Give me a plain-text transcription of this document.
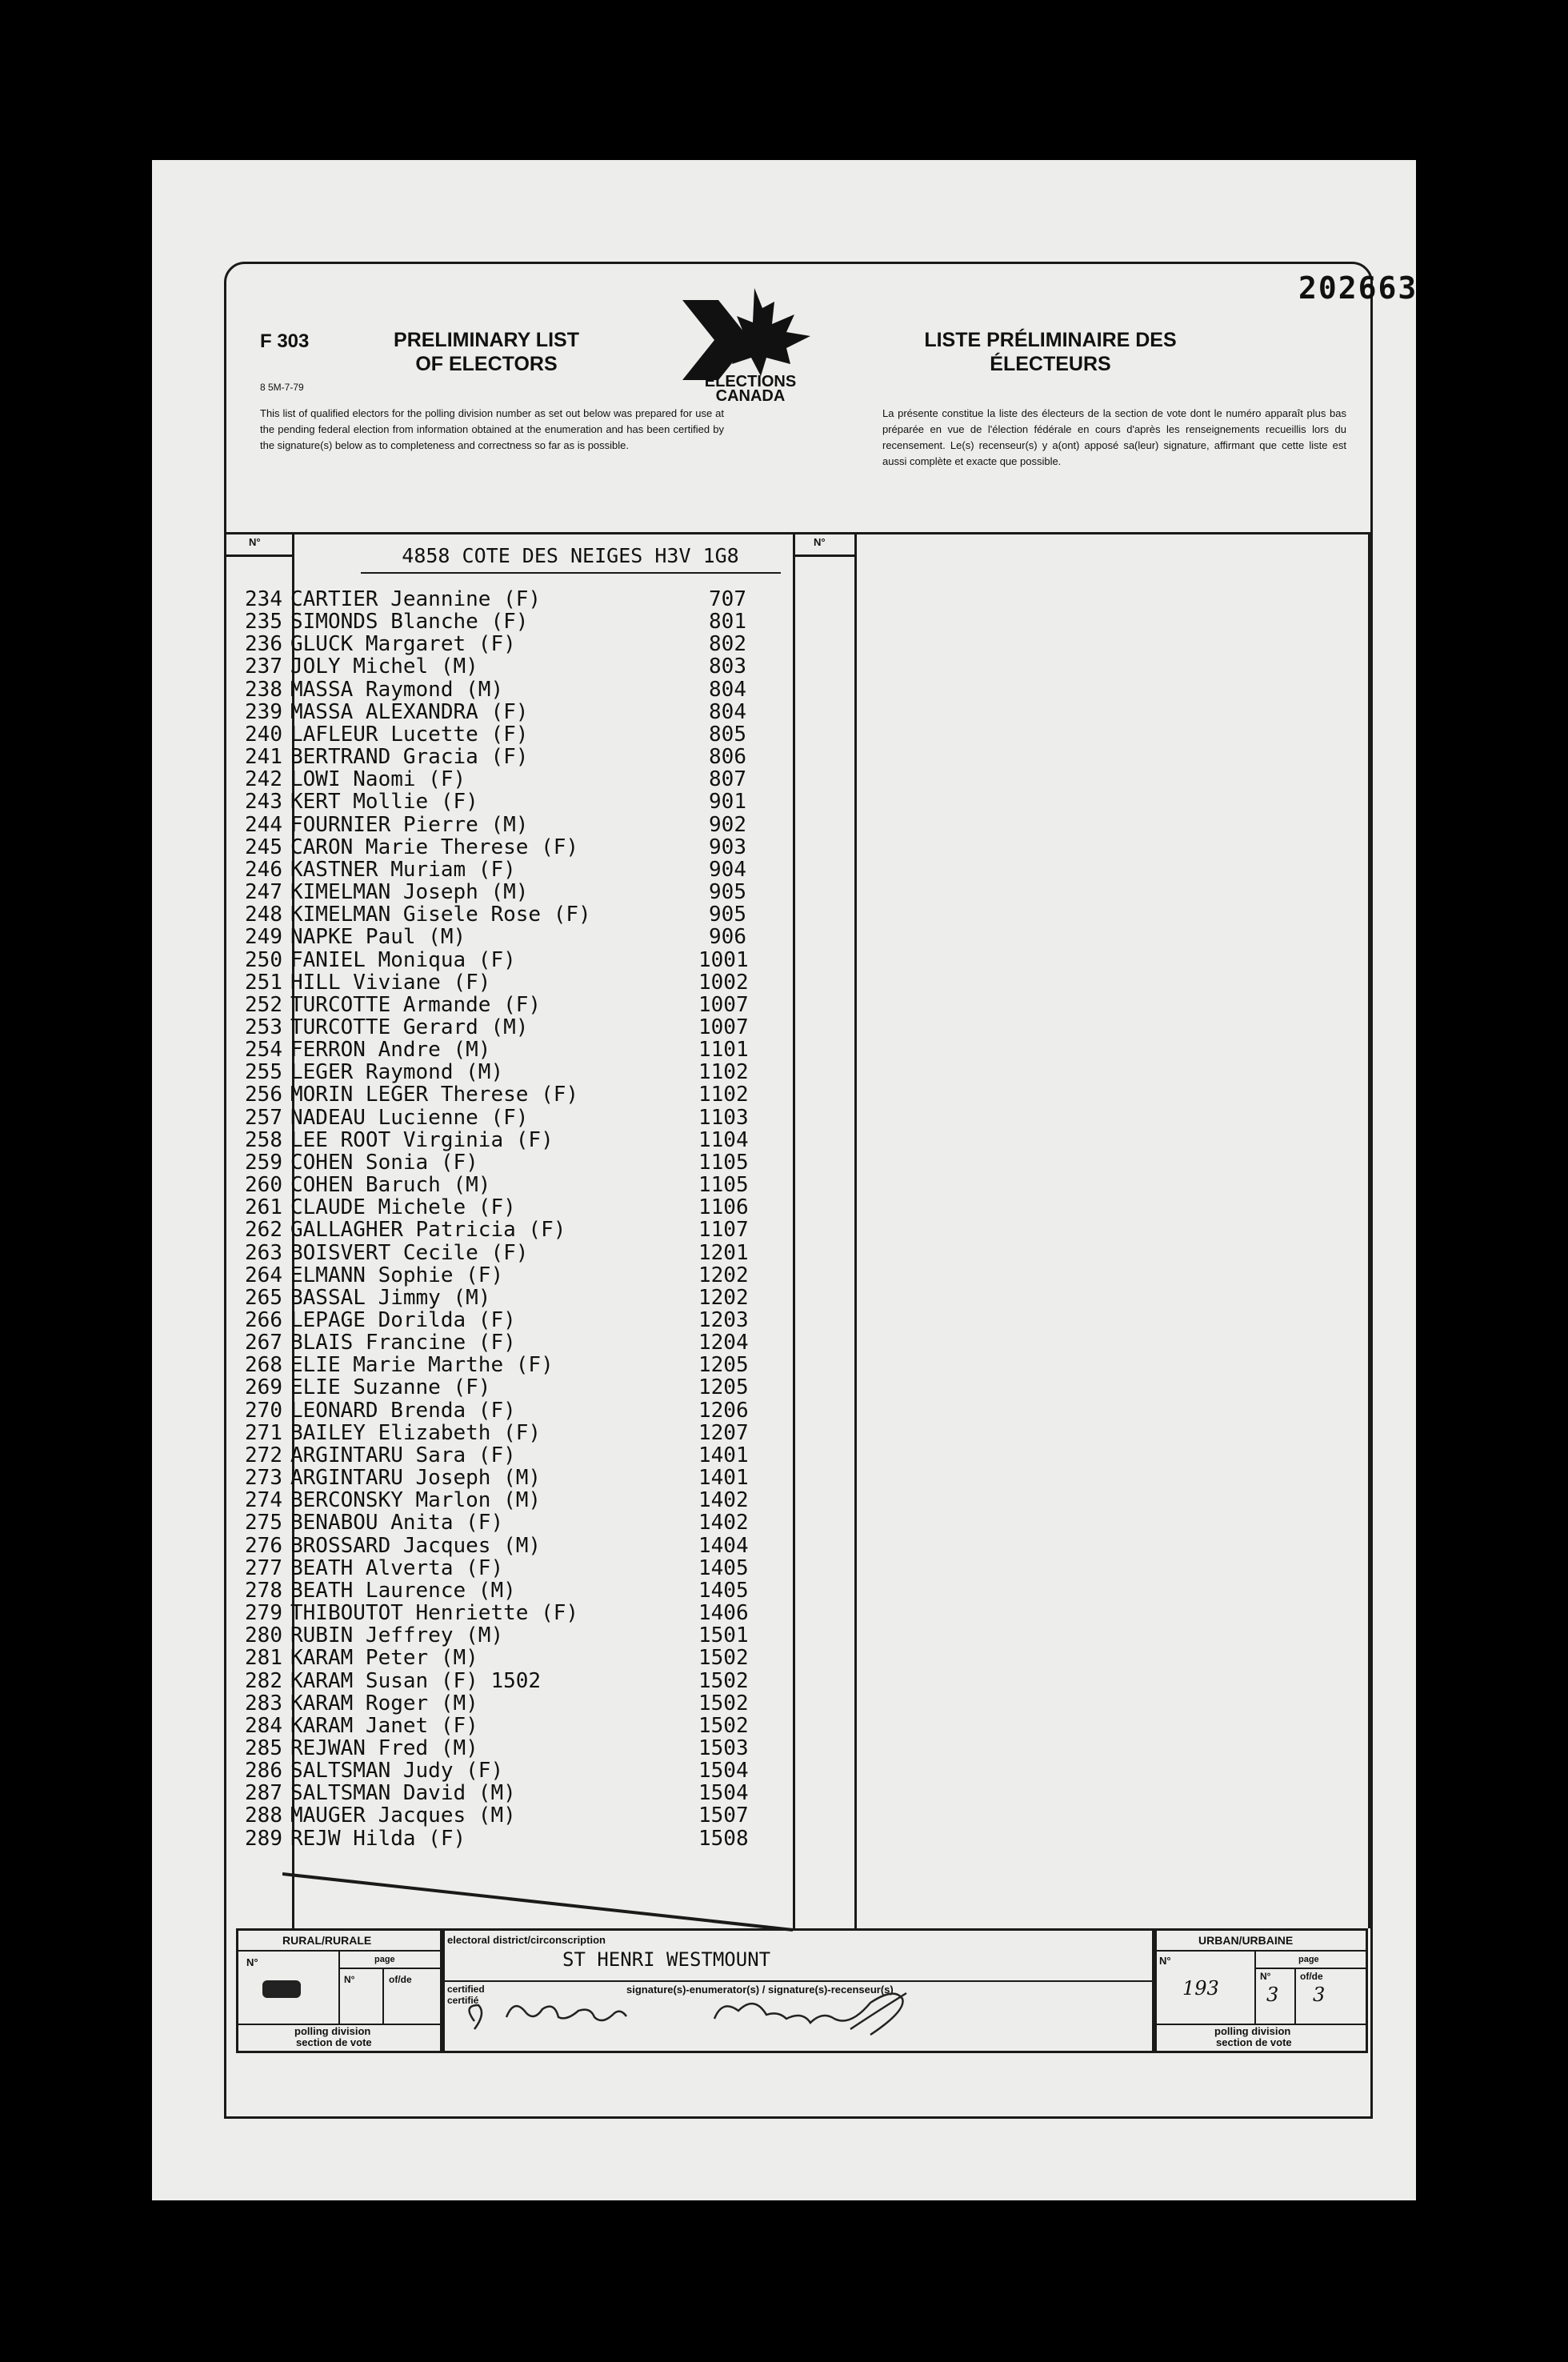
202663
F 303
8 5M-7-79
PRELIMINARY LIST OF ELECTORS
LISTE PRÉLIMINAIRE DES ÉLECTEURS
ELECTIONS
CANADA
This list of qualified electors for the polling division number as set out below was prepared for use at the pending federal election from information obtained at the enumeration and has been certified by the signature(s) below as to completeness and correctness so far as is possible.
La présente constitue la liste des électeurs de la section de vote dont le numéro apparaît plus bas préparée en vue de l'élection fédérale en cours d'après les renseignements recueillis lors du recensement. Le(s) recenseur(s) y a(ont) apposé sa(leur) signature, affirmant que cette liste est aussi complète et exacte que possible.
N°	N°
4858 COTE DES NEIGES H3V 1G8
234 CARTIER Jeannine (F)	707
235 SIMONDS Blanche (F)	801
236 GLUCK Margaret (F)	802
237 JOLY Michel (M)	803
238 MASSA Raymond (M)	804
239 MASSA ALEXANDRA (F)	804
240 LAFLEUR Lucette (F)	805
241 BERTRAND Gracia (F)	806
242 LOWI Naomi (F)	807
243 KERT Mollie (F)	901
244 FOURNIER Pierre (M)	902
245 CARON Marie Therese (F)	903
246 KASTNER Muriam (F)	904
247 KIMELMAN Joseph (M)	905
248 KIMELMAN Gisele Rose (F)	905
249 NAPKE Paul (M)	906
250 FANIEL Moniqua (F)	1001
251 HILL Viviane (F)	1002
252 TURCOTTE Armande (F)	1007
253 TURCOTTE Gerard (M)	1007
254 FERRON Andre (M)	1101
255 LEGER Raymond (M)	1102
256 MORIN LEGER Therese (F)	1102
257 NADEAU Lucienne (F)	1103
258 LEE ROOT Virginia (F)	1104
259 COHEN Sonia (F)	1105
260 COHEN Baruch (M)	1105
261 CLAUDE Michele (F)	1106
262 GALLAGHER Patricia (F)	1107
263 BOISVERT Cecile (F)	1201
264 ELMANN Sophie (F)	1202
265 BASSAL Jimmy (M)	1202
266 LEPAGE Dorilda (F)	1203
267 BLAIS Francine (F)	1204
268 ELIE Marie Marthe (F)	1205
269 ELIE Suzanne (F)	1205
270 LEONARD Brenda (F)	1206
271 BAILEY Elizabeth (F)	1207
272 ARGINTARU Sara (F)	1401
273 ARGINTARU Joseph (M)	1401
274 BERCONSKY Marlon (M)	1402
275 BENABOU Anita (F)	1402
276 BROSSARD Jacques (M)	1404
277 BEATH Alverta (F)	1405
278 BEATH Laurence (M)	1405
279 THIBOUTOT Henriette (F)	1406
280 RUBIN Jeffrey (M)	1501
281 KARAM Peter (M)	1502
282 KARAM Susan (F) 1502	1502
283 KARAM Roger (M)	1502
284 KARAM Janet (F)	1502
285 REJWAN Fred (M)	1503
286 SALTSMAN Judy (F)	1504
287 SALTSMAN David (M)	1504
288 MAUGER Jacques (M)	1507
289 REJW Hilda (F)	1508
RURAL/RURALE
N°	page
N°	of/de
polling division
section de vote
electoral district/circonscription
ST HENRI WESTMOUNT
certified
certifié
signature(s)-enumerator(s) / signature(s)-recenseur(s)
URBAN/URBAINE
N°	page
193
N°
3
of/de
3
polling division
section de vote
